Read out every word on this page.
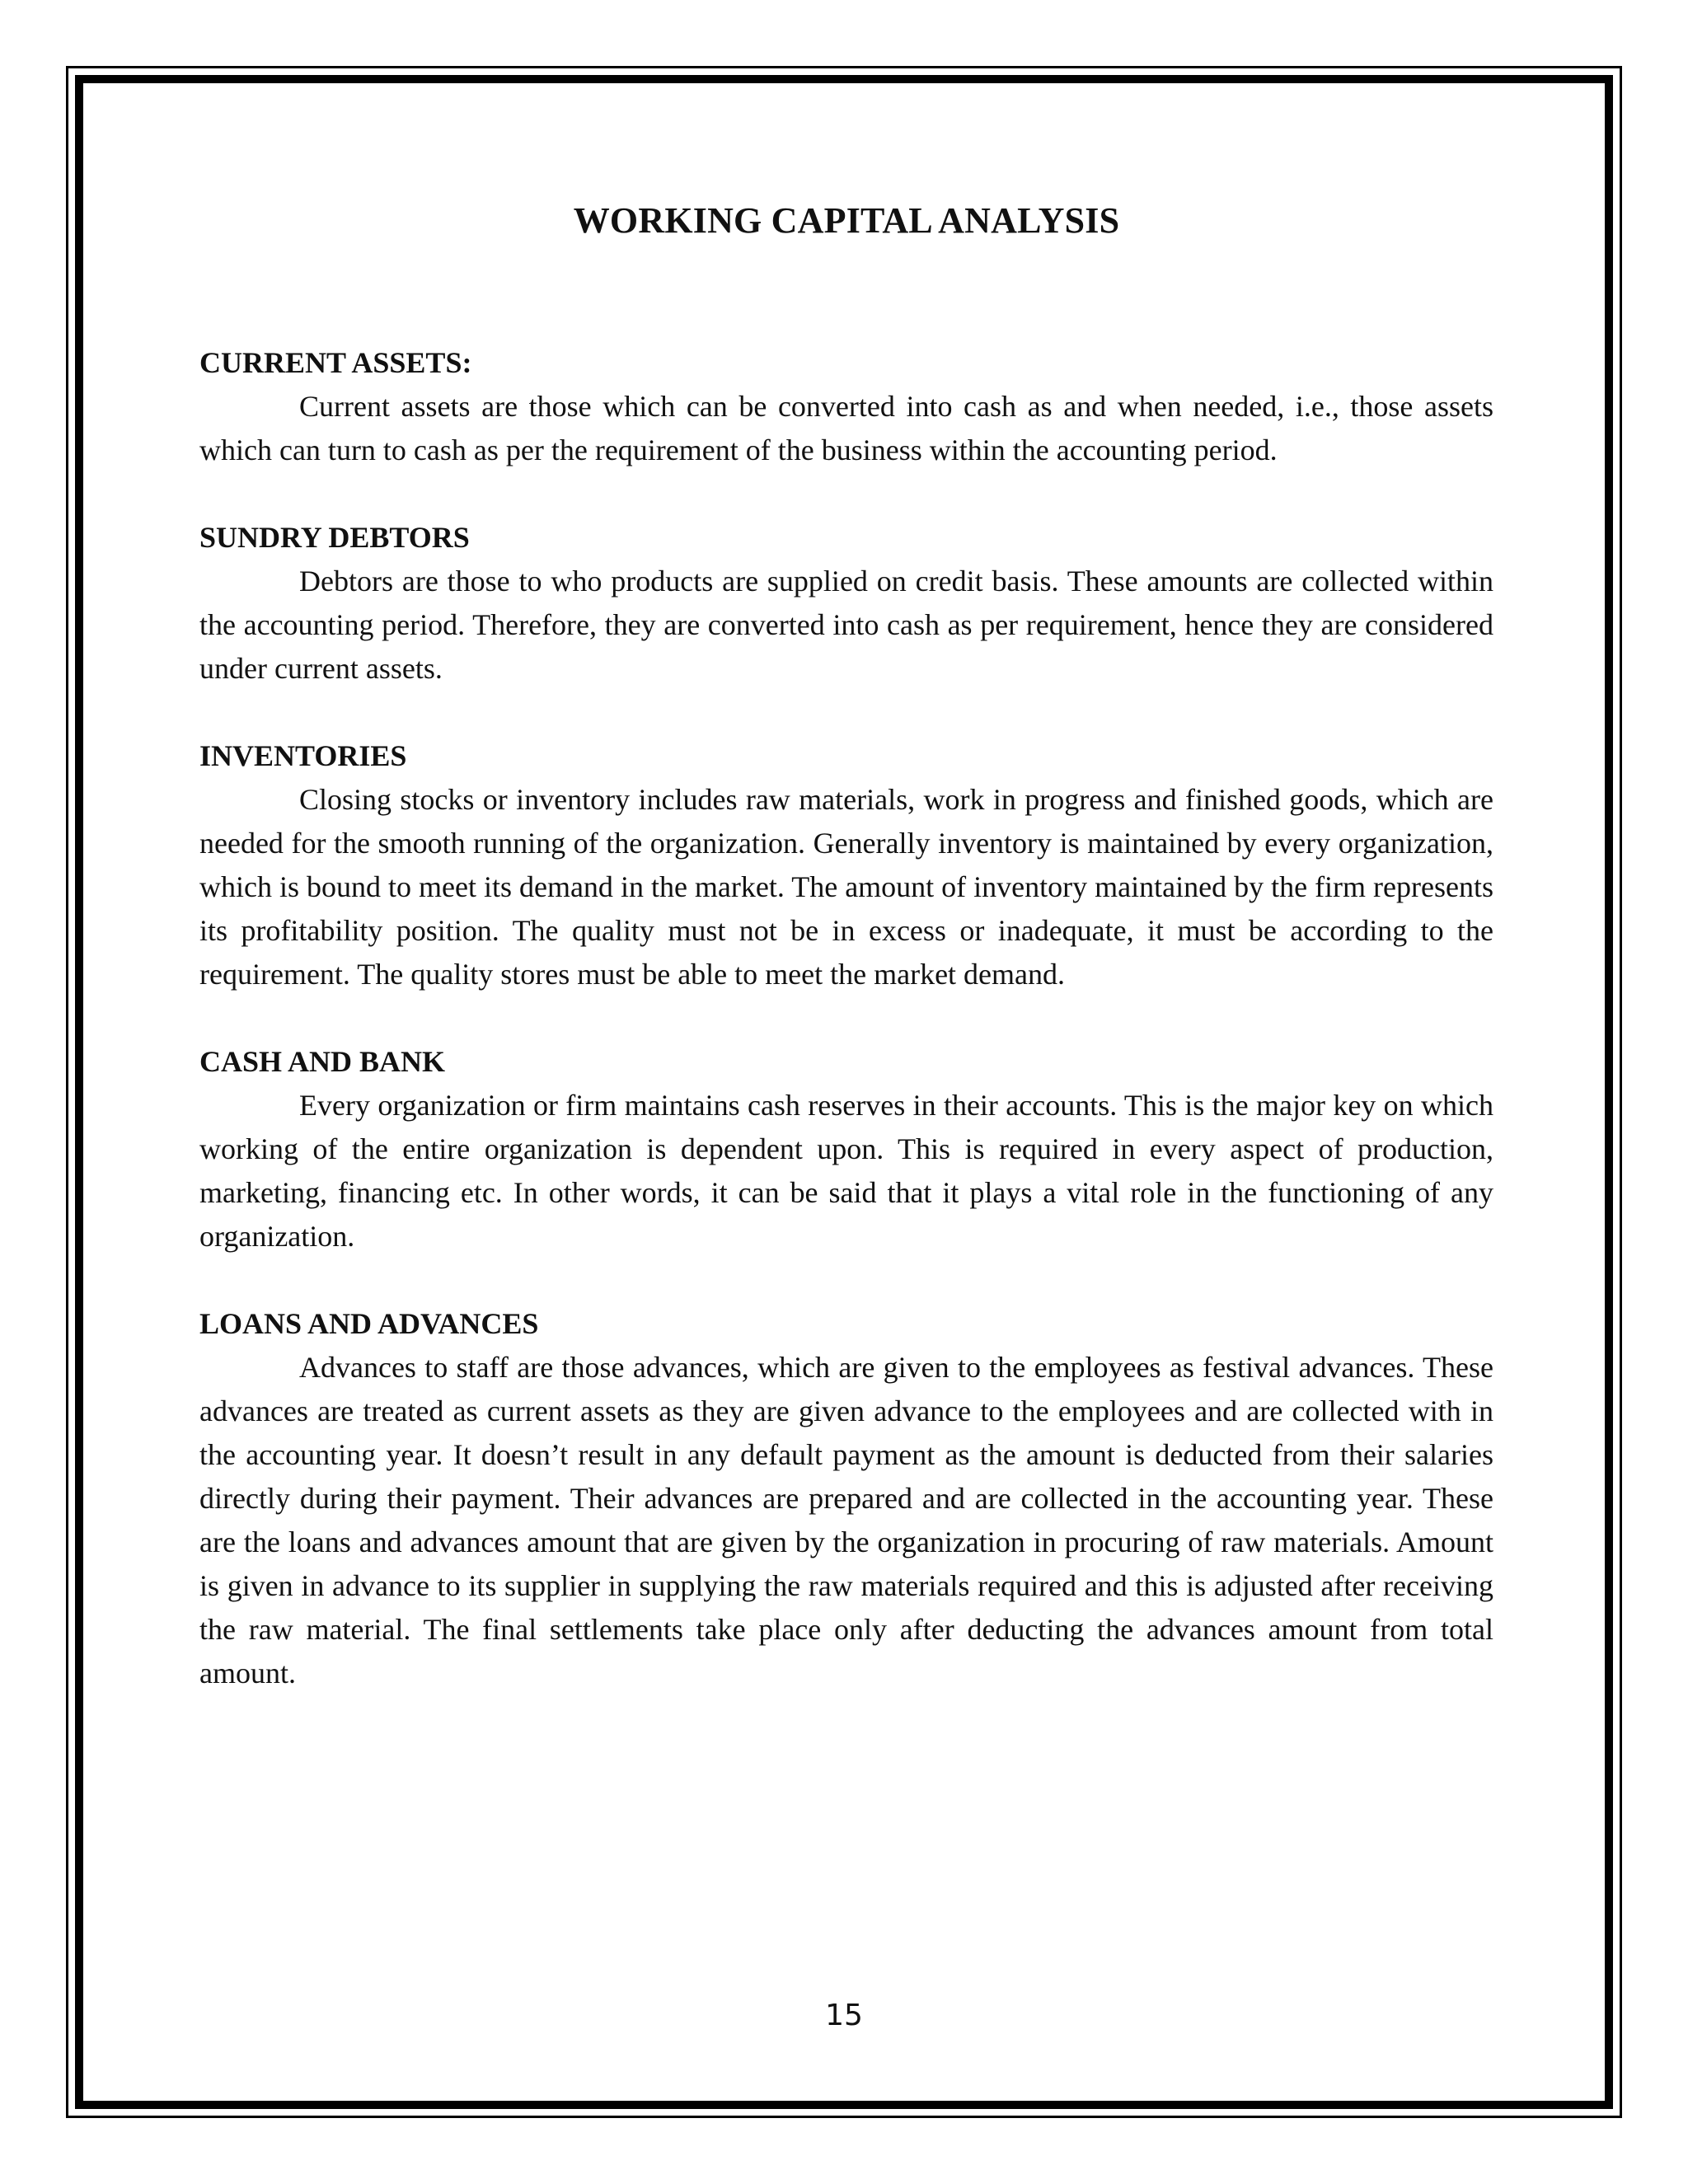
WORKING CAPITAL ANALYSIS

CURRENT ASSETS:

Current assets are those which can be converted into cash as and when needed, i.e., those assets which can turn to cash as per the requirement of the business within the accounting period.

SUNDRY DEBTORS

Debtors are those to who products are supplied on credit basis. These amounts are collected within the accounting period. Therefore, they are converted into cash as per requirement, hence they are considered under current assets.

INVENTORIES

Closing stocks or inventory includes raw materials, work in progress and finished goods, which are needed for the smooth running of the organization. Generally inventory is maintained by every organization, which is bound to meet its demand in the market. The amount of inventory maintained by the firm represents its profitability position. The quality must not be in excess or inadequate, it must be according to the requirement. The quality stores must be able to meet the market demand.

CASH AND BANK

Every organization or firm maintains cash reserves in their accounts. This is the major key on which working of the entire organization is dependent upon. This is required in every aspect of production, marketing, financing etc. In other words, it can be said that it plays a vital role in the functioning of any organization.

LOANS AND ADVANCES

Advances to staff are those advances, which are given to the employees as festival advances. These advances are treated as current assets as they are given advance to the employees and are collected with in the accounting year. It doesn’t result in any default payment as the amount is deducted from their salaries directly during their payment. Their advances are prepared and are collected in the accounting year. These are the loans and advances amount that are given by the organization in procuring of raw materials. Amount is given in advance to its supplier in supplying the raw materials required and this is adjusted after receiving the raw material. The final settlements take place only after deducting the advances amount from total amount.

15
